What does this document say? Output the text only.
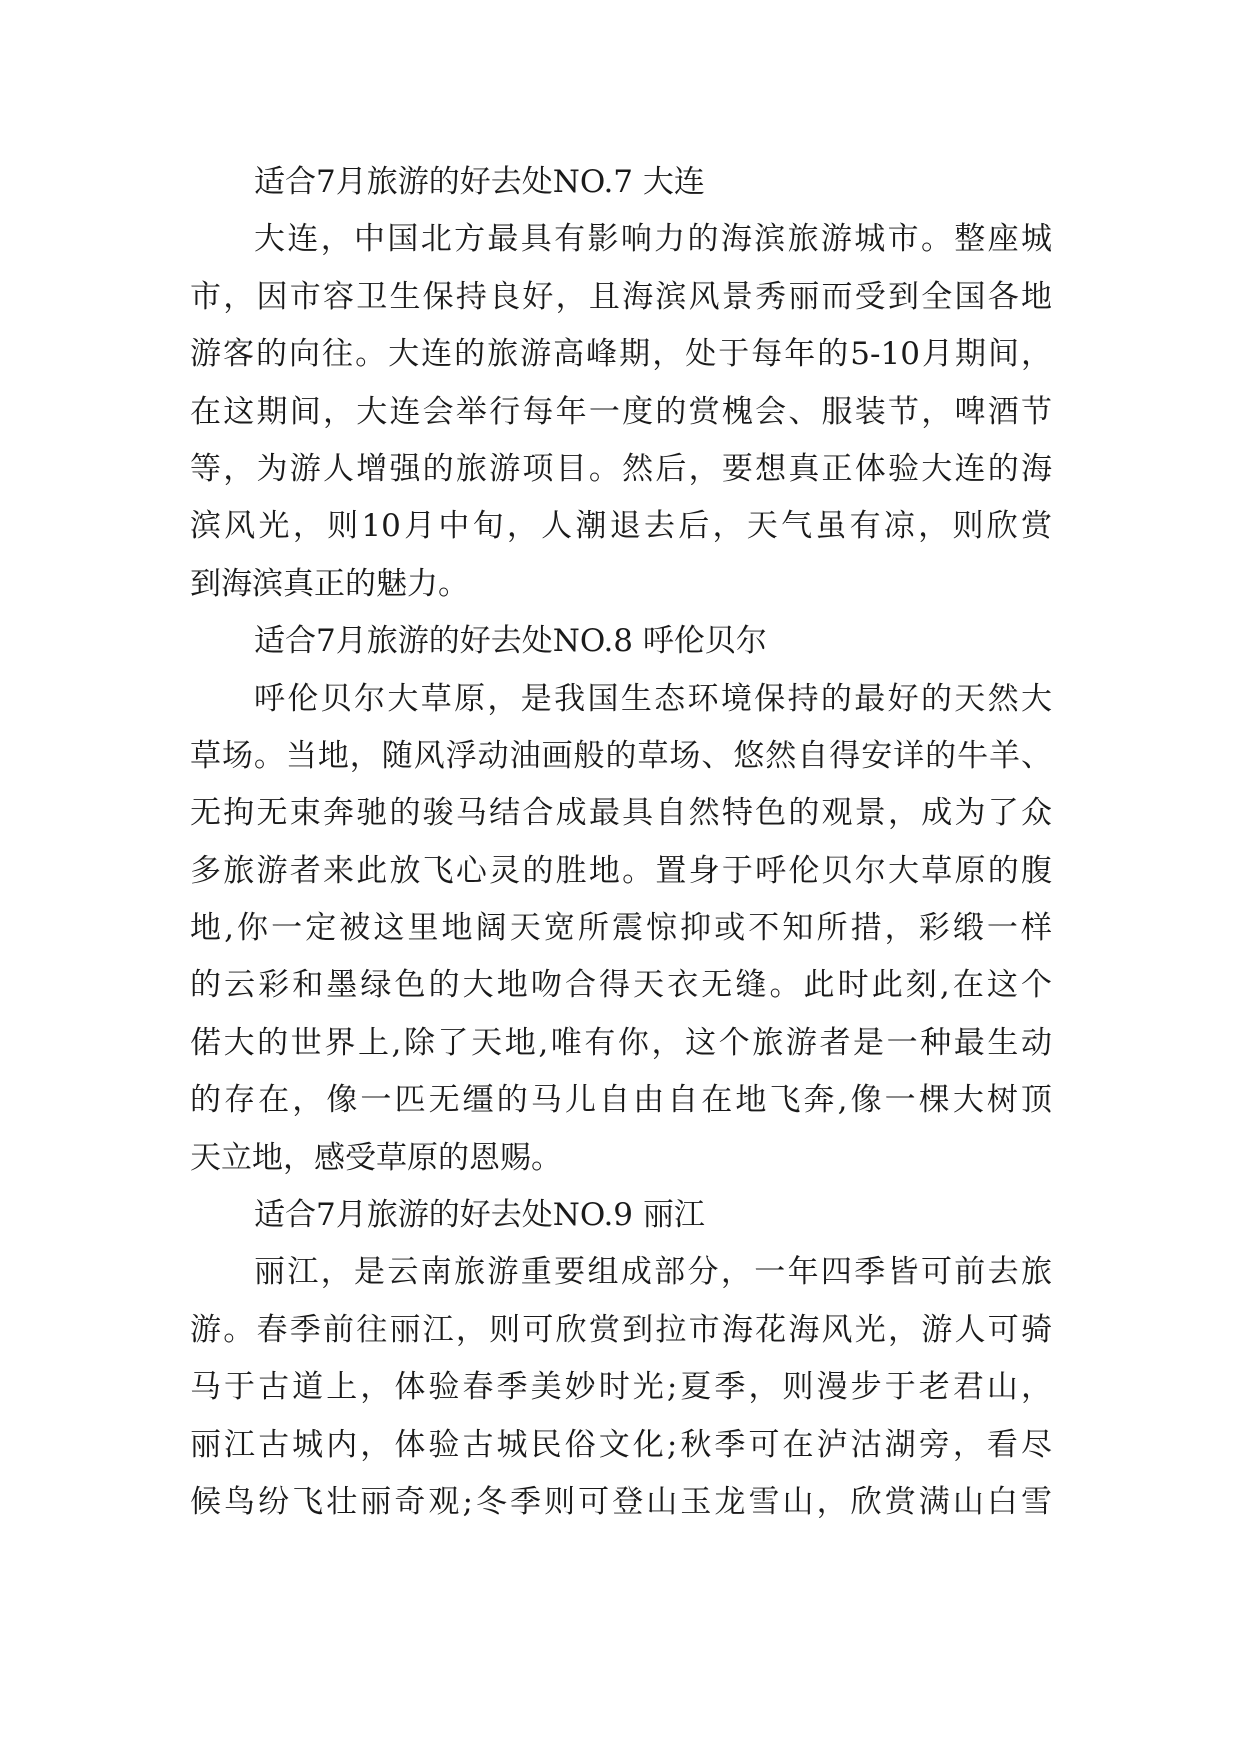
适合7月旅游的好去处NO.7 大连
大连，中国北方最具有影响力的海滨旅游城市。整座城
市，因市容卫生保持良好，且海滨风景秀丽而受到全国各地
游客的向往。大连的旅游高峰期，处于每年的5-10月期间，
在这期间，大连会举行每年一度的赏槐会、服装节，啤酒节
等，为游人增强的旅游项目。然后，要想真正体验大连的海
滨风光，则10月中旬，人潮退去后，天气虽有凉，则欣赏
到海滨真正的魅力。
适合7月旅游的好去处NO.8 呼伦贝尔
呼伦贝尔大草原，是我国生态环境保持的最好的天然大
草场。当地，随风浮动油画般的草场、悠然自得安详的牛羊、
无拘无束奔驰的骏马结合成最具自然特色的观景，成为了众
多旅游者来此放飞心灵的胜地。置身于呼伦贝尔大草原的腹
地,你一定被这里地阔天宽所震惊抑或不知所措，彩缎一样
的云彩和墨绿色的大地吻合得天衣无缝。此时此刻,在这个
偌大的世界上,除了天地,唯有你，这个旅游者是一种最生动
的存在，像一匹无缰的马儿自由自在地飞奔,像一棵大树顶
天立地，感受草原的恩赐。
适合7月旅游的好去处NO.9 丽江
丽江，是云南旅游重要组成部分，一年四季皆可前去旅
游。春季前往丽江，则可欣赏到拉市海花海风光，游人可骑
马于古道上，体验春季美妙时光;夏季，则漫步于老君山，
丽江古城内，体验古城民俗文化;秋季可在泸沽湖旁，看尽
候鸟纷飞壮丽奇观;冬季则可登山玉龙雪山，欣赏满山白雪
